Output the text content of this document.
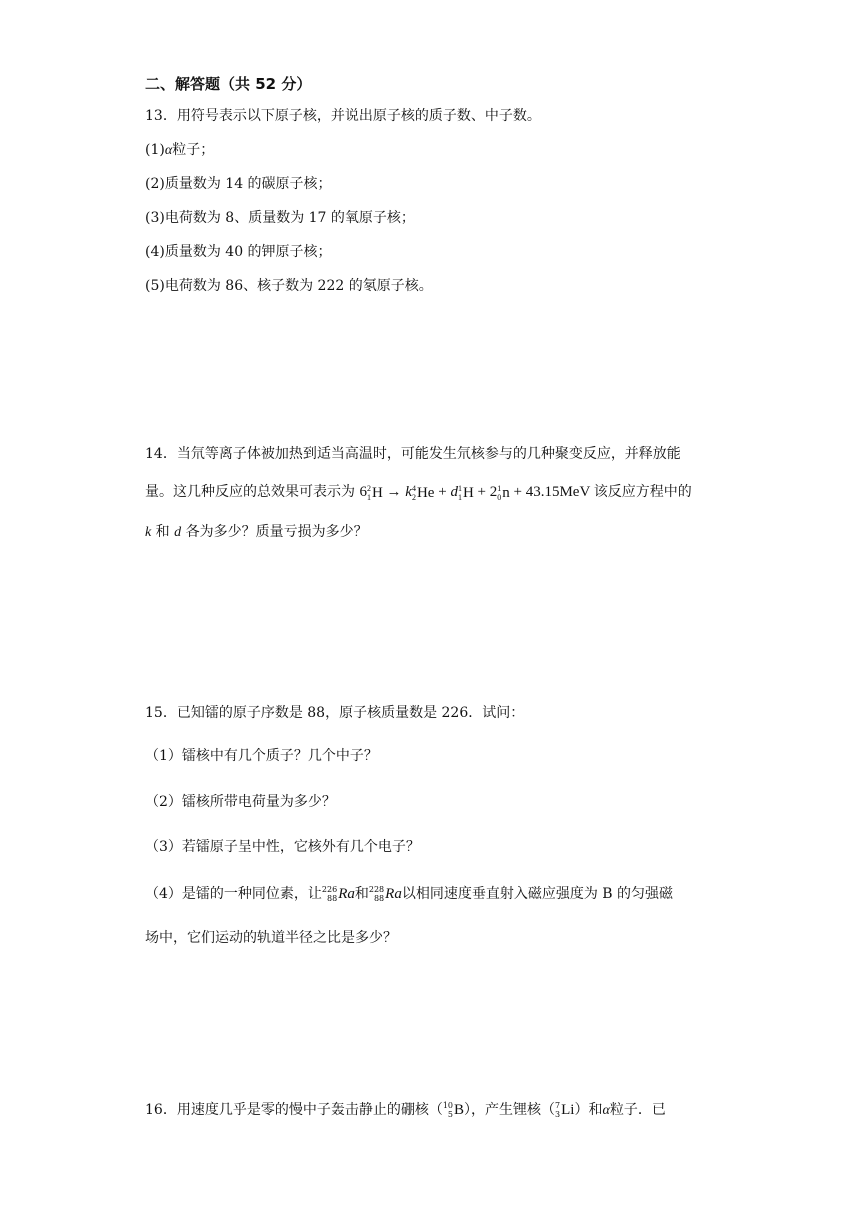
二、解答题（共 52 分）
13．用符号表示以下原子核，并说出原子核的质子数、中子数。
(1)α粒子；
(2)质量数为 14 的碳原子核；
(3)电荷数为 8、质量数为 17 的氧原子核；
(4)质量数为 40 的钾原子核；
(5)电荷数为 86、核子数为 222 的氡原子核。
14．当氘等离子体被加热到适当高温时，可能发生氘核参与的几种聚变反应，并释放能
量。这几种反应的总效果可表示为 6 2
1 H → k 4
2 He + d 1
1 H + 2 1
0 n + 43.15MeV 该反应方程中的
k 和 d 各为多少？质量亏损为多少？
15．已知镭的原子序数是 88，原子核质量数是 226．试问：
（1）镭核中有几个质子？几个中子？
（2）镭核所带电荷量为多少？
（3）若镭原子呈中性，它核外有几个电子？
（4）是镭的一种同位素，让 226
88 Ra 和 228
88 Ra 以相同速度垂直射入磁应强度为 B 的匀强磁
场中，它们运动的轨道半径之比是多少？
16．用速度几乎是零的慢中子轰击静止的硼核（ 10
5 B ），产生锂核（ 7
3 Li ）和α粒子．已
